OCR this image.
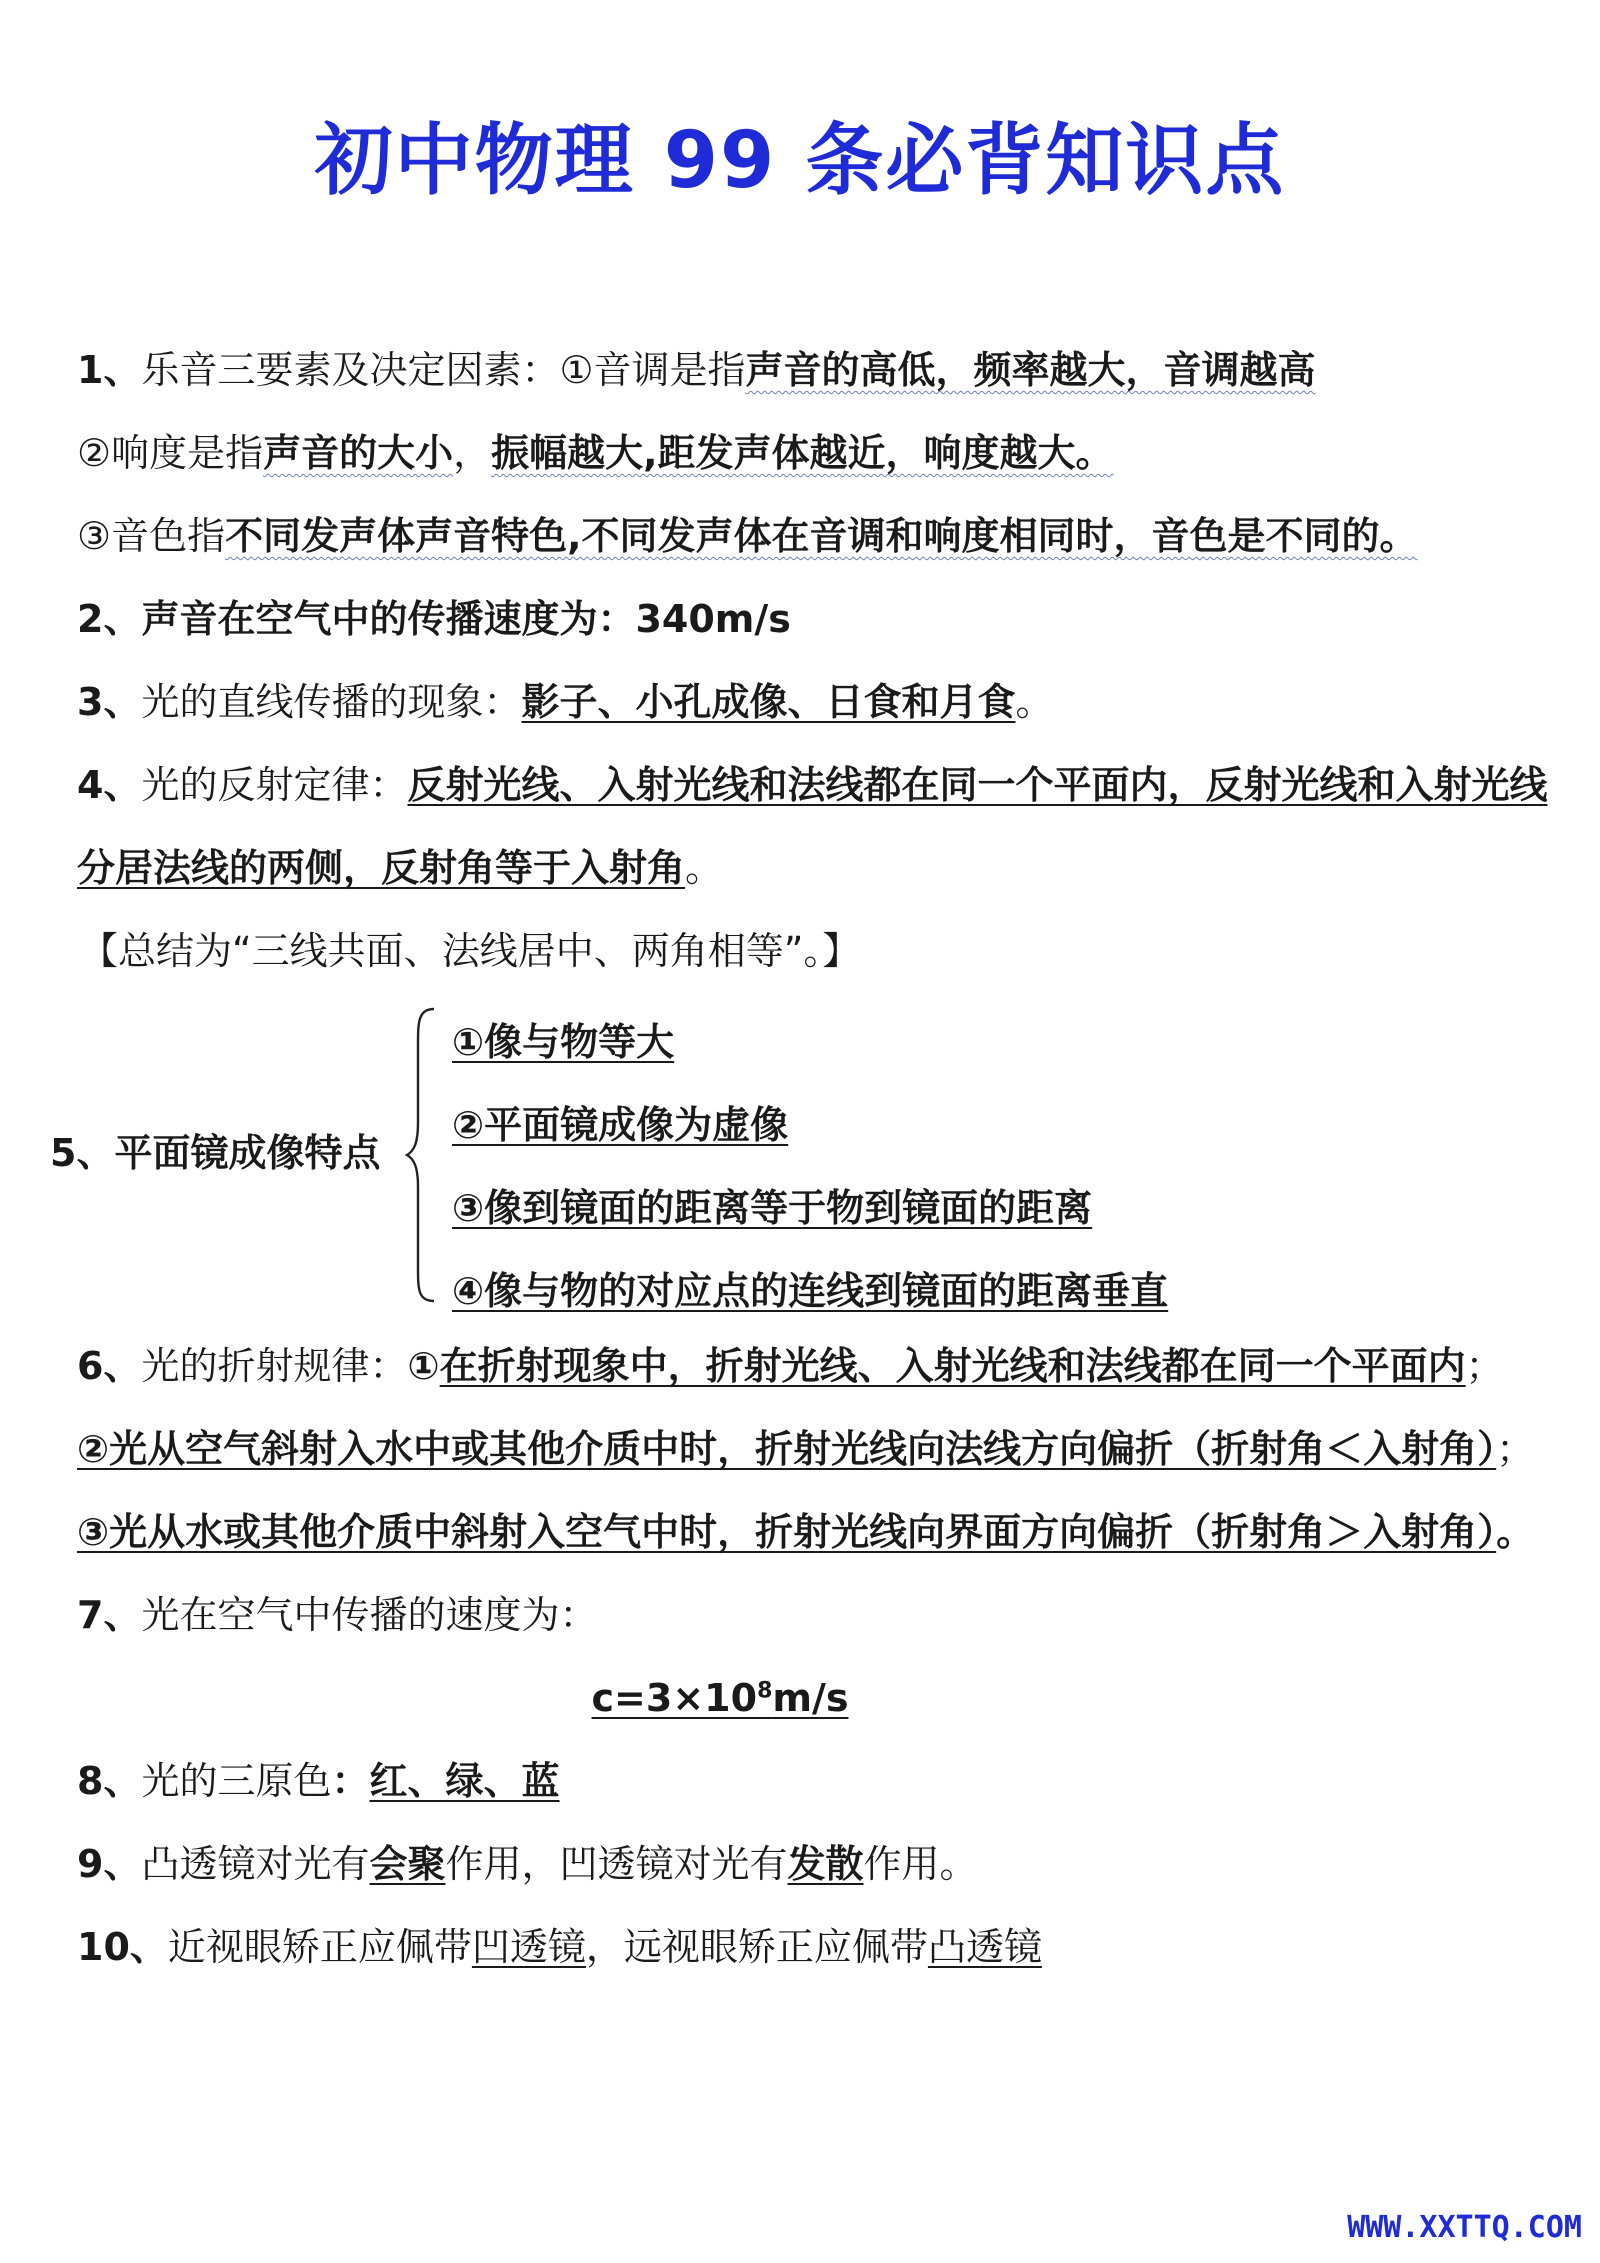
初中物理 99 条必背知识点
1、乐音三要素及决定因素：①音调是指声音的高低，频率越大，音调越高
②响度是指声音的大小，振幅越大,距发声体越近，响度越大。
③音色指不同发声体声音特色,不同发声体在音调和响度相同时，音色是不同的。
2、声音在空气中的传播速度为：340m/s
3、光的直线传播的现象：影子、小孔成像、日食和月食。
4、光的反射定律：反射光线、入射光线和法线都在同一个平面内，反射光线和入射光线
分居法线的两侧，反射角等于入射角。
【总结为“三线共面、法线居中、两角相等”。】
5、平面镜成像特点
①像与物等大
②平面镜成像为虚像
③像到镜面的距离等于物到镜面的距离
④像与物的对应点的连线到镜面的距离垂直
6、光的折射规律：①在折射现象中，折射光线、入射光线和法线都在同一个平面内；
②光从空气斜射入水中或其他介质中时，折射光线向法线方向偏折（折射角＜入射角）；
③光从水或其他介质中斜射入空气中时，折射光线向界面方向偏折（折射角＞入射角）。
7、光在空气中传播的速度为：
$c=3\times 10^8m/s$
8、光的三原色：红、绿、蓝
9、凸透镜对光有会聚作用，凹透镜对光有发散作用。
10、近视眼矫正应佩带凹透镜，远视眼矫正应佩带凸透镜
WWW.XXTTQ.COM
